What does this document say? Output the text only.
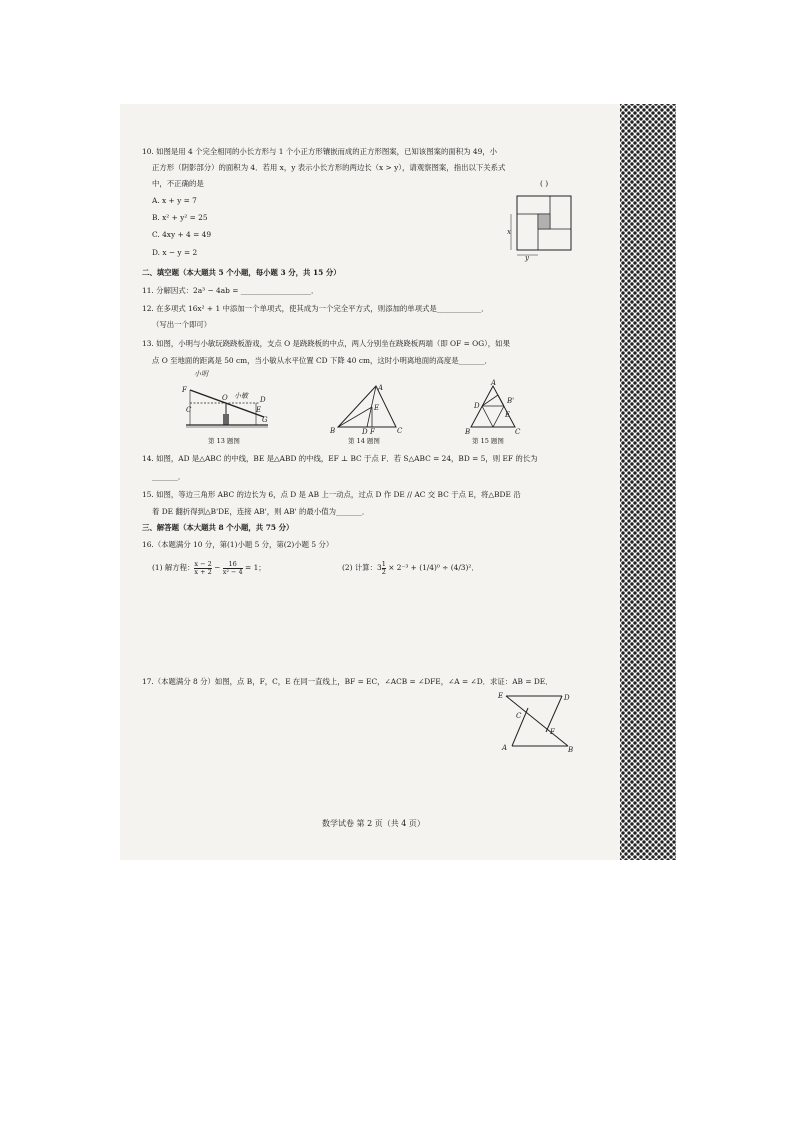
10. 如图是用 4 个完全相同的小长方形与 1 个小正方形镶嵌而成的正方形图案，已知该图案的面积为 49，小
正方形（阴影部分）的面积为 4．若用 x，y 表示小长方形的两边长（x > y），请观察图案，指出以下关系式
中，不正确的是	( )
A. x + y = 7
B. x² + y² = 25
C. 4xy + 4 = 49
D. x − y = 2
x
y
二、填空题（本大题共 5 个小题，每小题 3 分，共 15 分）
11. 分解因式：2a³ − 4ab = ___________________．
12. 在多项式 16x² + 1 中添加一个单项式，使其成为一个完全平方式，则添加的单项式是____________．
（写出一个即可）
13. 如图，小明与小敏玩跷跷板游戏，支点 O 是跷跷板的中点，两人分别坐在跷跷板两端（即 OF = OG），如果
点 O 至地面的距离是 50 cm，当小敏从水平位置 CD 下降 40 cm，这时小明离地面的高度是_______．
小明
小敏
F
C
O	D
E
G
第 13 题图
A
E
B	D F	C
第 14 题图
A
D
B'
E
B	C
第 15 题图
14. 如图，AD 是△ABC 的中线，BE 是△ABD 的中线，EF ⊥ BC 于点 F．若 S△ABC = 24，BD = 5，则 EF 的长为
_______．
15. 如图，等边三角形 ABC 的边长为 6，点 D 是 AB 上一动点，过点 D 作 DE // AC 交 BC 于点 E，将△BDE 沿
着 DE 翻折得到△B'DE，连接 AB'，则 AB' 的最小值为_______．
三、解答题（本大题共 8 个小题，共 75 分）
16.（本题满分 10 分，第(1)小题 5 分，第(2)小题 5 分）
(1) 解方程： $\frac{x - 2}{x + 2} - \frac{16}{\text{x² − 4}} = 1$；	(2) 计算：$3 \frac{1}{2} \times 2^{-3} + (1/4)^0 \div (4/3)^2$．
17.（本题满分 8 分）如图，点 B，F，C，E 在同一直线上，BF = EC，∠ACB = ∠DFE，∠A = ∠D．求证：AB = DE．
E	D
C
F
A	B
数学试卷 第 2 页（共 4 页）
